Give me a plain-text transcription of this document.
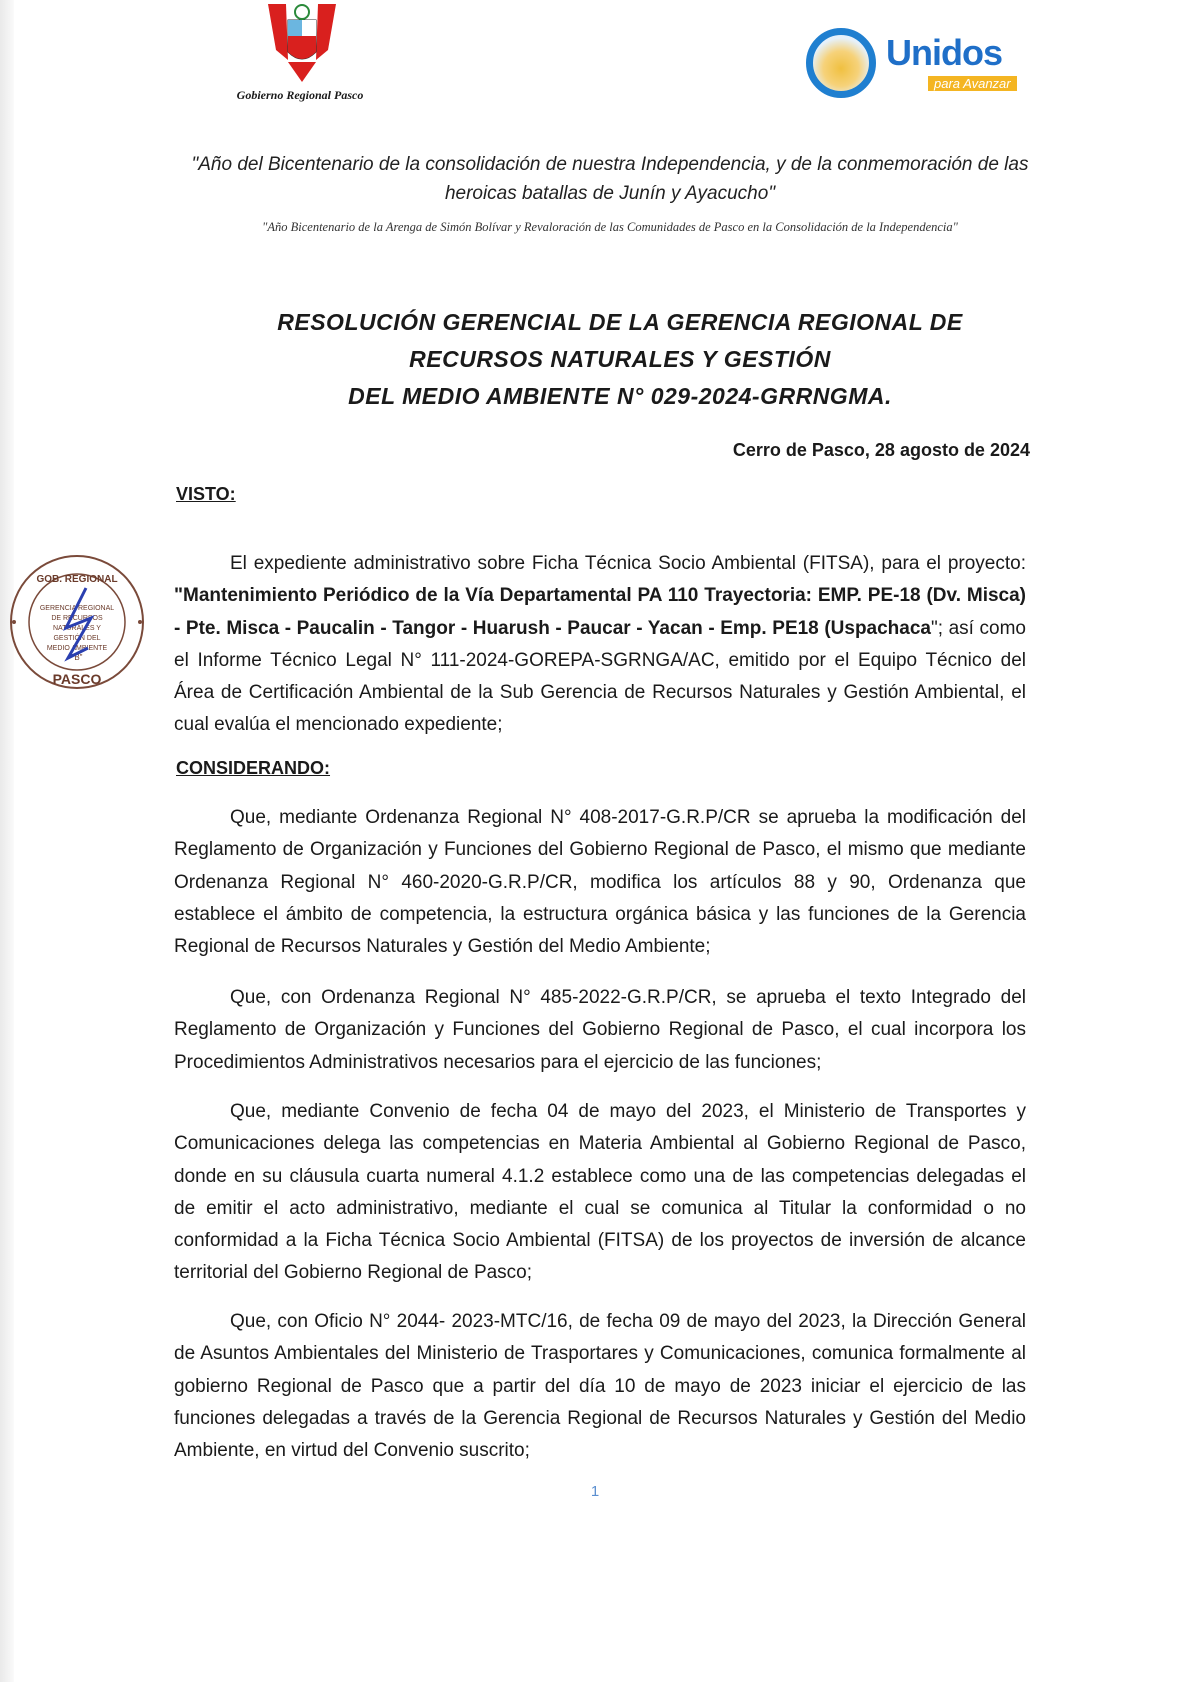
Gobierno Regional Pasco
Unidos
para Avanzar
"Año del Bicentenario de la consolidación de nuestra Independencia, y de la conmemoración de las heroicas batallas de Junín y Ayacucho"
"Año Bicentenario de la Arenga de Simón Bolívar y Revaloración de las Comunidades de Pasco en la Consolidación de la Independencia"
RESOLUCIÓN GERENCIAL DE LA GERENCIA REGIONAL DE
RECURSOS NATURALES Y GESTIÓN
DEL MEDIO AMBIENTE N° 029-2024-GRRNGMA.
Cerro de Pasco, 28 agosto de 2024
VISTO:
GOB. REGIONAL
PASCO
GERENCIA REGIONAL
DE RECURSOS
NATURALES Y
GESTIÓN DEL
MEDIO AMBIENTE
"B"
El expediente administrativo sobre Ficha Técnica Socio Ambiental (FITSA), para el proyecto: "Mantenimiento Periódico de la Vía Departamental PA 110 Trayectoria: EMP. PE-18 (Dv. Misca) - Pte. Misca - Paucalin - Tangor - Huarush - Paucar - Yacan - Emp. PE18 (Uspachaca"; así como el Informe Técnico Legal N° 111-2024-GOREPA-SGRNGA/AC, emitido por el Equipo Técnico del Área de Certificación Ambiental de la Sub Gerencia de Recursos Naturales y Gestión Ambiental, el cual evalúa el mencionado expediente;
CONSIDERANDO:
Que, mediante Ordenanza Regional N° 408-2017-G.R.P/CR se aprueba la modificación del Reglamento de Organización y Funciones del Gobierno Regional de Pasco, el mismo que mediante Ordenanza Regional N° 460-2020-G.R.P/CR, modifica los artículos 88 y 90, Ordenanza que establece el ámbito de competencia, la estructura orgánica básica y las funciones de la Gerencia Regional de Recursos Naturales y Gestión del Medio Ambiente;
Que, con Ordenanza Regional N° 485-2022-G.R.P/CR, se aprueba el texto Integrado del Reglamento de Organización y Funciones del Gobierno Regional de Pasco, el cual incorpora los Procedimientos Administrativos necesarios para el ejercicio de las funciones;
Que, mediante Convenio de fecha 04 de mayo del 2023, el Ministerio de Transportes y Comunicaciones delega las competencias en Materia Ambiental al Gobierno Regional de Pasco, donde en su cláusula cuarta numeral 4.1.2 establece como una de las competencias delegadas el de emitir el acto administrativo, mediante el cual se comunica al Titular la conformidad o no conformidad a la Ficha Técnica Socio Ambiental (FITSA) de los proyectos de inversión de alcance territorial del Gobierno Regional de Pasco;
Que, con Oficio N° 2044- 2023-MTC/16, de fecha 09 de mayo del 2023, la Dirección General de Asuntos Ambientales del Ministerio de Trasportares y Comunicaciones, comunica formalmente al gobierno Regional de Pasco que a partir del día 10 de mayo de 2023 iniciar el ejercicio de las funciones delegadas a través de la Gerencia Regional de Recursos Naturales y Gestión del Medio Ambiente, en virtud del Convenio suscrito;
1
